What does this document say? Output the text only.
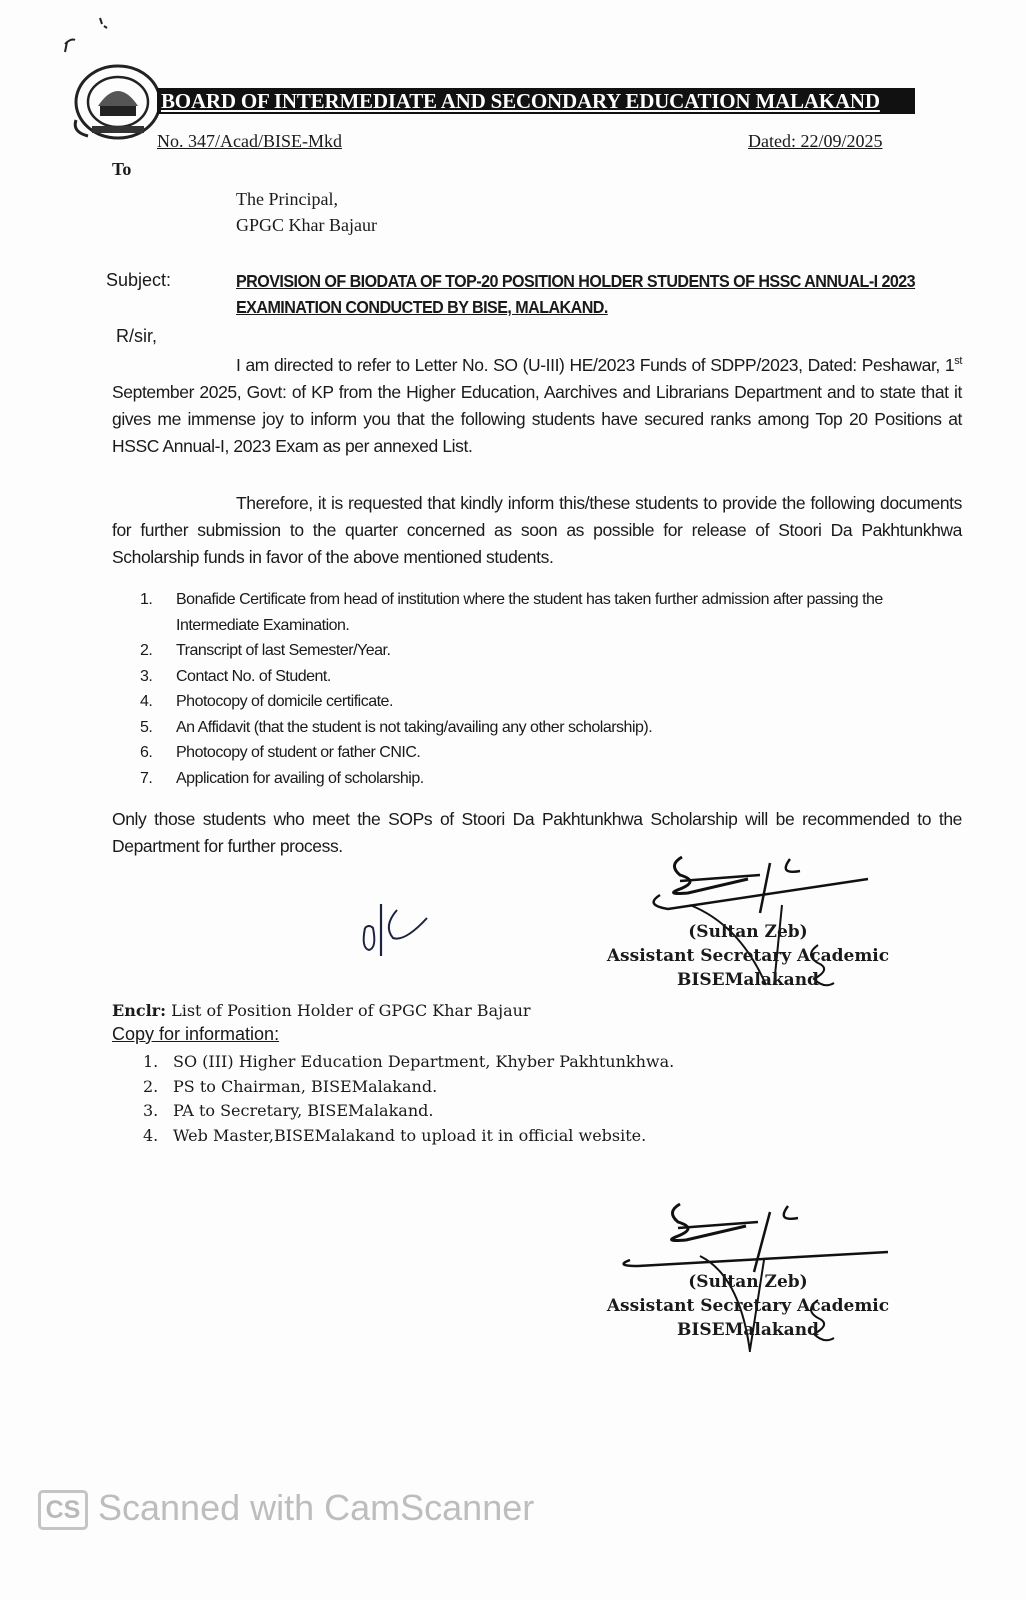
BOARD OF INTERMEDIATE AND SECONDARY EDUCATION MALAKAND
No. 347/Acad/BISE-Mkd	Dated: 22/09/2025
To
The Principal,
GPGC Khar Bajaur
Subject:	PROVISION OF BIODATA OF TOP-20 POSITION HOLDER STUDENTS OF HSSC ANNUAL-I 2023 EXAMINATION CONDUCTED BY BISE, MALAKAND.
R/sir,
I am directed to refer to Letter No. SO (U-III) HE/2023 Funds of SDPP/2023, Dated: Peshawar, 1st September 2025, Govt: of KP from the Higher Education, Aarchives and Librarians Department and to state that it gives me immense joy to inform you that the following students have secured ranks among Top 20 Positions at HSSC Annual-I, 2023 Exam as per annexed List.
Therefore, it is requested that kindly inform this/these students to provide the following documents for further submission to the quarter concerned as soon as possible for release of Stoori Da Pakhtunkhwa Scholarship funds in favor of the above mentioned students.
1.	Bonafide Certificate from head of institution where the student has taken further admission after passing the Intermediate Examination.
2.	Transcript of last Semester/Year.
3.	Contact No. of Student.
4.	Photocopy of domicile certificate.
5.	An Affidavit (that the student is not taking/availing any other scholarship).
6.	Photocopy of student or father CNIC.
7.	Application for availing of scholarship.
Only those students who meet the SOPs of Stoori Da Pakhtunkhwa Scholarship will be recommended to the Department for further process.
(Sultan Zeb)
Assistant Secretary Academic
BISEMalakand
Enclr: List of Position Holder of GPGC Khar Bajaur
Copy for information:
1. SO (III) Higher Education Department, Khyber Pakhtunkhwa.
2. PS to Chairman, BISEMalakand.
3. PA to Secretary, BISEMalakand.
4. Web Master,BISEMalakand to upload it in official website.
(Sultan Zeb)
Assistant Secretary Academic
BISEMalakand
CS Scanned with CamScanner
